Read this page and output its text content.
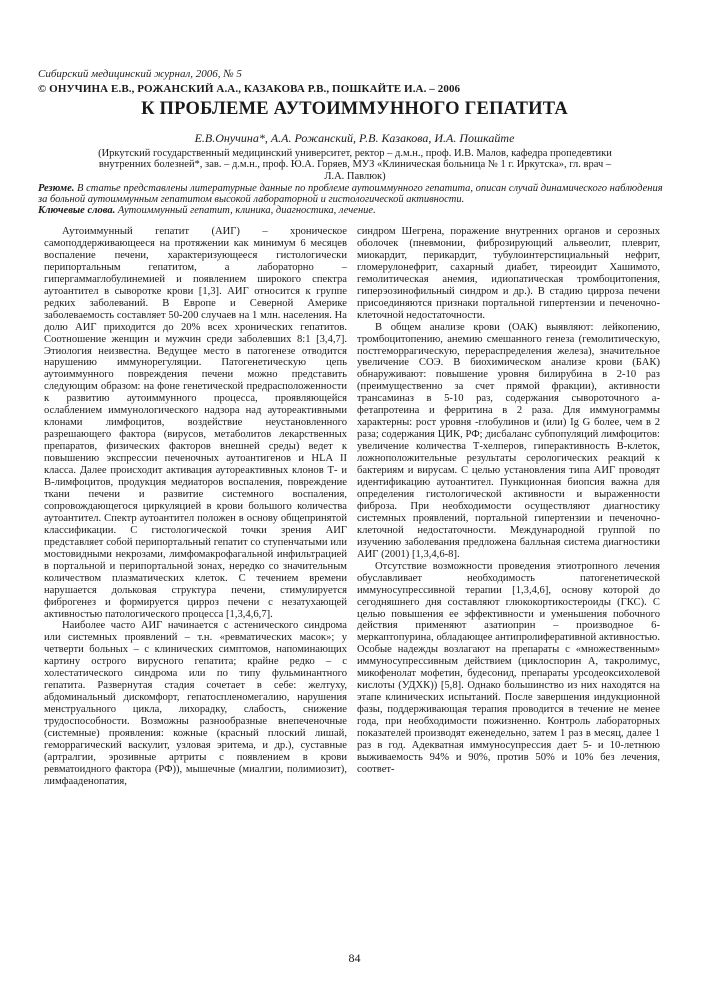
Сибирский медицинский журнал, 2006, № 5
© ОНУЧИНА Е.В., РОЖАНСКИЙ А.А., КАЗАКОВА Р.В., ПОШКАЙТЕ И.А. – 2006
К ПРОБЛЕМЕ АУТОИММУННОГО ГЕПАТИТА
Е.В.Онучина*, А.А. Рожанский, Р.В. Казакова, И.А. Пошкайте

(Иркутский государственный медицинский университет, ректор – д.м.н., проф. И.В. Малов, кафедра пропедевтики

внутренних болезней*, зав. – д.м.н., проф. Ю.А. Горяев, МУЗ «Клиническая больница № 1 г. Иркутска», гл. врач –

Л.А. Павлюк)

Резюме. В статье представлены литературные данные по проблеме аутоиммунного гепатита, описан случай динамического наблюдения за больной аутоиммунным гепатитом высокой лабораторной и гистологической активности.

Ключевые слова. Аутоиммунный гепатит, клиника, диагностика, лечение.

Аутоиммунный гепатит (АИГ) – хроническое самоподдерживающееся на протяжении как минимум 6 месяцев воспаление печени, характеризующееся гистологически перипортальным гепатитом, а лабораторно – гипергаммаглобулинемией и появлением широкого спектра аутоантител в сыворотке крови [1,3]. АИГ относится к группе редких заболеваний. В Европе и Северной Америке заболеваемость составляет 50-200 случаев на 1 млн. населения. На долю АИГ приходится до 20% всех хронических гепатитов. Соотношение женщин и мужчин среди заболевших 8:1 [3,4,7]. Этиология неизвестна. Ведущее место в патогенезе отводится нарушению иммунорегуляции. Патогенетическую цепь аутоиммунного повреждения печени можно представить следующим образом: на фоне генетической предрасположенности к развитию аутоиммунного процесса, проявляющейся ослаблением иммунологического надзора над аутореактивными клонами лимфоцитов, воздействие неустановленного разрешающего фактора (вирусов, метаболитов лекарственных препаратов, физических факторов внешней среды) ведет к повышению экспрессии печеночных аутоантигенов и HLA II класса. Далее происходит активация аутореактивных клонов Т- и В-лимфоцитов, продукция медиаторов воспаления, повреждение ткани печени и развитие системного воспаления, сопровождающегося циркуляцией в крови большого количества аутоантител. Спектр аутоантител положен в основу общепринятой классификации. С гистологической точки зрения АИГ представляет собой перипортальный гепатит со ступенчатыми или мостовидными некрозами, лимфомакрофагальной инфильтрацией в портальной и перипортальной зонах, нередко со значительным количеством плазматических клеток. С течением времени нарушается дольковая структура печени, стимулируется фиброгенез и формируется цирроз печени с незатухающей активностью патологического процесса [1,3,4,6,7].

Наиболее часто АИГ начинается с астенического синдрома или системных проявлений – т.н. «ревматических масок»; у четверти больных – с клинических симптомов, напоминающих картину острого вирусного гепатита; крайне редко – с холестатического синдрома или по типу фульминантного гепатита. Развернутая стадия сочетает в себе: желтуху, абдоминальный дискомфорт, гепатоспленомегалию, нарушения менструального цикла, лихорадку, слабость, снижение трудоспособности. Возможны разнообразные внепеченочные (системные) проявления: кожные (красный плоский лишай, геморрагический васкулит, узловая эритема, и др.), суставные (артралгии, эрозивные артриты с появлением в крови ревматоидного фактора (РФ)), мышечные (миалгии, полимиозит), лимфааденопатия,

синдром Шегрена, поражение внутренних органов и серозных оболочек (пневмонии, фиброзирующий альвеолит, плеврит, миокардит, перикардит, тубулоинтерстициальный нефрит, гломерулонефрит, сахарный диабет, тиреоидит Хашимото, гемолитическая анемия, идиопатическая тромбоцитопения, гиперэозинофильный синдром и др.). В стадию цирроза печени присоединяются признаки портальной гипертензии и печеночно-клеточной недостаточности.

В общем анализе крови (ОАК) выявляют: лейкопению, тромбоцитопению, анемию смешанного генеза (гемолитическую, постгеморрагическую, перераспределения железа), значительное увеличение СОЭ. В биохимическом анализе крови (БАК) обнаруживают: повышение уровня билирубина в 2-10 раз (преимущественно за счет прямой фракции), активности трансаминаз в 5-10 раз, содержания сывороточного а-фетапротеина и ферритина в 2 раза. Для иммунограммы характерны: рост уровня -глобулинов и (или) Ig G более, чем в 2 раза; содержания ЦИК, РФ; дисбаланс субпопуляций лимфоцитов: увеличение количества Т-хелперов, гиперактивность В-клеток, ложноположительные результаты серологических реакций к бактериям и вирусам. С целью установления типа АИГ проводят идентификацию аутоантител. Пункционная биопсия важна для определения гистологической активности и выраженности фиброза. При необходимости осуществляют диагностику системных проявлений, портальной гипертензии и печеночно-клеточной недостаточности. Международной группой по изучению заболевания предложена балльная система диагностики АИГ (2001) [1,3,4,6-8].

Отсутствие возможности проведения этиотропного лечения обуславливает необходимость патогенетической иммуносупрессивной терапии [1,3,4,6], основу которой до сегодняшнего дня составляют глюкокортикостероиды (ГКС). С целью повышения ее эффективности и уменьшения побочного действия применяют азатиоприн – производное 6-меркаптопурина, обладающее антипролиферативной активностью. Особые надежды возлагают на препараты с «множественным» иммуносупрессивным действием (циклоспорин А, такролимус, микофенолат мофетин, будесонид, препараты урсодеоксихолевой кислоты (УДХК)) [5,8]. Однако большинство из них находятся на этапе клинических испытаний. После завершения индукционной фазы, поддерживающая терапия проводится в течение не менее года, при необходимости пожизненно. Контроль лабораторных показателей производят еженедельно, затем 1 раз в месяц, далее 1 раз в год. Адекватная иммуносупрессия дает 5- и 10-летнюю выживаемость 94% и 90%, против 50% и 10% без лечения, соответ-

84
